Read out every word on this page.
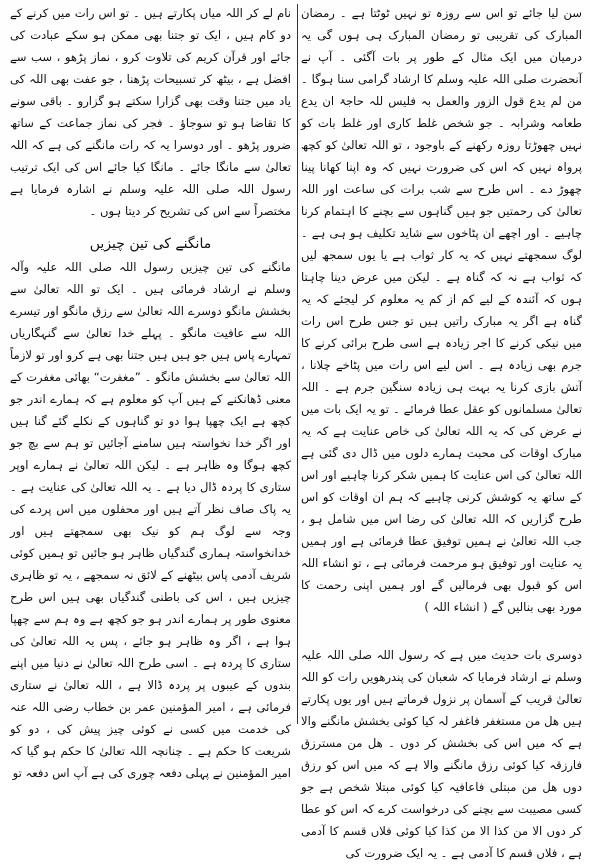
سن لیا جائے تو اس سے روزہ تو نہیں ٹوٹتا ہے ۔ رمضان المبارک کی تقریبی تو رمضان المبارک ہی ہوں گی یہ درمیان میں ایک مثال کے طور پر بات آگئی ۔ آپ نے آنحضرت صلی اللہ علیہ وسلم کا ارشاد گرامی سنا ہوگا ۔ من لم یدع قول الزور والعمل بہ فلیس للہ حاجۃ ان یدع طعامہ وشرابہ ۔ جو شخص غلط کاری اور غلط بات کو نہیں چھوڑتا روزہ رکھنے کے باوجود ، تو اللہ تعالیٰ کو کچھ پرواہ نہیں کہ اس کی ضرورت نہیں کہ وہ اپنا کھانا پینا چھوڑ دے ۔ اس طرح سے شب برات کی ساعت اور اللہ تعالیٰ کی رحمتیں جو ہیں گناہوں سے بچنے کا اہتمام کرنا چاہیے ۔ اور اچھے ان پٹاخوں سے شاید تکلیف ہو ہی ہے ۔ لوگ سمجھتے نہیں کہ یہ کار ثواب ہے یا یوں سمجھ لیں کہ ثواب ہے نہ کہ گناہ ہے ۔ لیکن میں عرض دینا چاہتا ہوں کہ آئندہ کے لیے کم از کم یہ معلوم کر لیجئے کہ یہ گناہ ہے اگر یہ مبارک راتیں ہیں تو جس طرح اس رات میں نیکی کرنے کا اجر زیادہ ہے اسی طرح برائی کرنے کا جرم بھی زیادہ ہے ۔ اس لیے اس رات میں پٹاخے چلانا ، آتش بازی کرنا یہ بہت ہی زیادہ سنگین جرم ہے ۔ اللہ تعالیٰ مسلمانوں کو عقل عطا فرمائے ۔ تو یہ ایک بات میں نے عرض کی کہ یہ اللہ تعالیٰ کی خاص عنایت ہے کہ یہ مبارک اوقات کی محبت ہمارے دلوں میں ڈال دی گئی ہے اللہ تعالیٰ کی اس عنایت کا ہمیں شکر کرنا چاہیے اور اس کے ساتھ یہ کوشش کرنی چاہیے کہ ہم ان اوقات کو اس طرح گزاریں کہ اللہ تعالیٰ کی رضا اس میں شامل ہو ، جب اللہ تعالیٰ نے ہمیں توفیق عطا فرمائی ہے اور ہمیں یہ عنایت اور توفیق ہو مرحمت فرمائی ہے ، تو انشاء اللہ اس کو قبول بھی فرمالیں گے اور ہمیں اپنی رحمت کا مورد بھی بنالیں گے ( انشاء اللہ )

دوسری بات حدیث میں ہے کہ رسول اللہ صلی اللہ علیہ وسلم نے ارشاد فرمایا کہ شعبان کی پندرھویں رات کو اللہ تعالیٰ قریب کے آسمان پر نزول فرماتے ہیں اور یوں پکارتے ہیں ھل من مستغفر فاغفر لہ کیا کوئی بخشش مانگنے والا ہے کہ میں اس کی بخشش کر دوں ۔ ھل من مسترزق فارزقہ کیا کوئی رزق مانگنے والا ہے کہ میں اس کو رزق دوں ھل من مبتلی فاعافیہ کیا کوئی مبتلا شخص ہے جو کسی مصیبت سے بچنے کی درخواست کرے کہ اس کو عطا کر دوں الا من کذا الا من کذا کیا کوئی فلاں قسم کا آدمی ہے ، فلاں قسم کا آدمی ہے ۔ یہ ایک ضرورت کی

نام لے کر اللہ میاں پکارتے ہیں ۔ تو اس رات میں کرنے کے دو کام ہیں ، ایک تو جتنا بھی ممکن ہو سکے عبادت کی جائے اور قرآن کریم کی تلاوت کرو ، نماز پڑھو ، سب سے افضل ہے ، بیٹھ کر تسبیحات پڑھنا ، جو عفت بھی اللہ کی یاد میں جتنا وقت بھی گزارا سکتے ہو گزارو ۔ باقی سونے کا تقاضا ہو تو سوجاؤ ۔ فجر کی نماز جماعت کے ساتھ ضرور پڑھو ۔ اور دوسرا یہ کہ رات مانگنے کی ہے کہ اللہ تعالیٰ سے مانگا جائے ۔ مانگا کیا جائے اس کی ایک ترتیب رسول اللہ صلی اللہ علیہ وسلم نے اشارہ فرمایا ہے مختصراً سے اس کی تشریح کر دیتا ہوں ۔

مانگنے کی تین چیزیں

مانگنے کی تین چیزیں رسول اللہ صلی اللہ علیہ وآلہ وسلم نے ارشاد فرمائی ہیں ۔ ایک تو اللہ تعالیٰ سے بخشش مانگو دوسرے اللہ تعالیٰ سے رزق مانگو اور تیسرے اللہ سے عافیت مانگو ۔ پہلے خدا تعالیٰ سے گنہگاریاں تمہارے پاس ہیں جو ہیں ہیں جتنا بھی ہے کرو اور تو لازماً اللہ تعالیٰ سے بخشش مانگو ۔ ”مغفرت“ بھائی مغفرت کے معنی ڈھانکنے کے ہیں آپ کو معلوم ہے کہ ہمارے اندر جو کچھ ہے ایک چھپا ہوا دو تو گناہوں کے نکلے گئے گنا ہیں اور اگر خدا نخواستہ ہیں سامنے آجائیں تو ہم سے بچ جو کچھ ہوگا وہ ظاہر ہے ۔ لیکن اللہ تعالیٰ نے ہمارے اوپر ستاری کا پردہ ڈال دیا ہے ۔ یہ اللہ تعالیٰ کی عنایت ہے ۔ یہ پاک صاف نظر آتے ہیں اور محفلوں میں اس پردے کی وجہ سے لوگ ہم کو نیک بھی سمجھتے ہیں اور خدانخواستہ ہماری گندگیاں ظاہر ہو جائیں تو ہمیں کوئی شریف آدمی پاس بیٹھنے کے لائق نہ سمجھے ، یہ تو ظاہری چیزیں ہیں ، اس کی باطنی گندگیاں بھی ہیں اس طرح معنوی طور پر ہمارے اندر ہو جو کچھ ہے وہ ہم سے چھپا ہوا ہے ، اگر وہ ظاہر ہو جائے ، پس یہ اللہ تعالیٰ کی ستاری کا پردہ ہے ۔ اسی طرح اللہ تعالیٰ نے دنیا میں اپنے بندوں کے عیبوں پر پردہ ڈالا ہے ، اللہ تعالیٰ نے ستاری فرمائی ہے ، امیر المؤمنین عمر بن خطاب رضی اللہ عنہ کی خدمت میں کسی نے کوئی چیز پیش کی ، دو کو شریعت کا حکم ہے ۔ چنانچہ اللہ تعالیٰ کا حکم ہو گیا کہ امیر المؤمنین نے پہلی دفعہ چوری کی ہے آپ اس دفعہ تو
